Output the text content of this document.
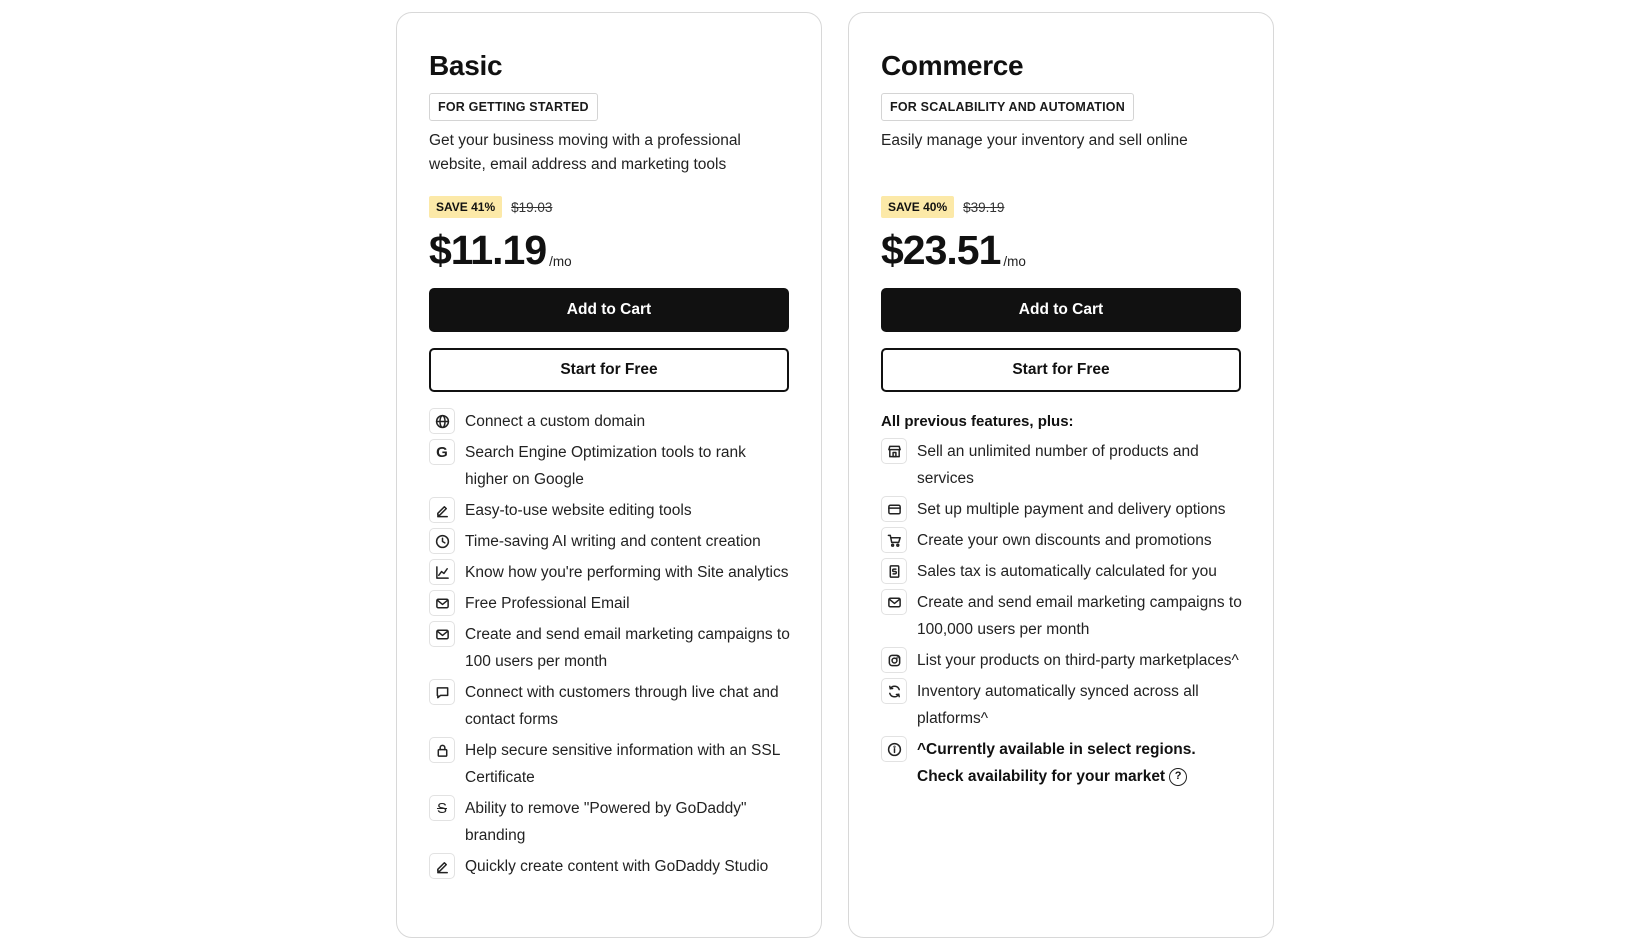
Basic
FOR GETTING STARTED
Get your business moving with a professional website, email address and marketing tools
SAVE 41%	$19.03
$11.19 /mo
Add to Cart
Start for Free
Connect a custom domain
G	Search Engine Optimization tools to rank higher on Google
Easy-to-use website editing tools
Time-saving AI writing and content creation
Know how you're performing with Site analytics
Free Professional Email
Create and send email marketing campaigns to 100 users per month
Connect with customers through live chat and contact forms
Help secure sensitive information with an SSL Certificate
S	Ability to remove "Powered by GoDaddy" branding
Quickly create content with GoDaddy Studio
Commerce
FOR SCALABILITY AND AUTOMATION
Easily manage your inventory and sell online
SAVE 40%	$39.19
$23.51 /mo
Add to Cart
Start for Free
All previous features, plus:
Sell an unlimited number of products and services
Set up multiple payment and delivery options
Create your own discounts and promotions
Sales tax is automatically calculated for you
Create and send email marketing campaigns to 100,000 users per month
List your products on third-party marketplaces^
Inventory automatically synced across all platforms^
^Currently available in select regions. Check availability for your market ?
